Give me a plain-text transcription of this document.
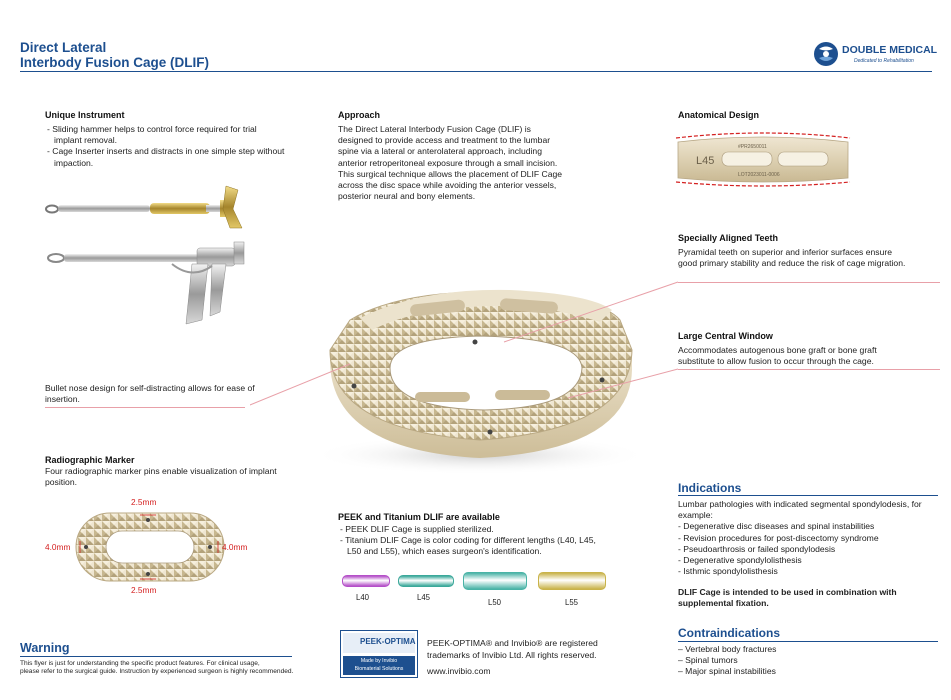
Direct Lateral
Interbody Fusion Cage (DLIF)
DOUBLE MEDICAL
Dedicated to Rehabilitation
Unique Instrument
- Sliding hammer helps to control force required for trial implant removal.
- Cage Inserter inserts and distracts in one simple step without impaction.
Approach
The Direct Lateral Interbody Fusion Cage (DLIF) is designed to provide access and treatment to the lumbar spine via a lateral or anterolateral approach, including anterior retroperitoneal exposure through a small incision. This surgical technique allows the placement of DLIF Cage across the disc space while avoiding the anterior vessels, posterior neural and bony elements.
Anatomical Design
L45
#PR2650011
LOT2023011-0006
Specially Aligned Teeth
Pyramidal teeth on superior and inferior surfaces ensure good primary stability and reduce the risk of cage migration.
Large Central Window
Accommodates autogenous bone graft or bone graft substitute to allow fusion to occur through the cage.
Bullet nose design for self-distracting allows for ease of insertion.
Radiographic Marker
Four radiographic marker pins enable visualization of implant position.
2.5mm
2.5mm
4.0mm	4.0mm
PEEK and Titanium DLIF are available
- PEEK DLIF Cage is supplied sterilized.
- Titanium DLIF Cage is color coding for different lengths (L40, L45, L50 and L55), which eases surgeon's identification.
L40	L45
L50	L55
Indications
Lumbar pathologies with indicated segmental spondylodesis, for example:
- Degenerative disc diseases and spinal instabilities
- Revision procedures for post-discectomy syndrome
- Pseudoarthrosis or failed spondylodesis
- Degenerative spondylolisthesis
- Isthmic spondylolisthesis
DLIF Cage is intended to be used in combination with supplemental fixation.
Contraindications
– Vertebral body fractures
– Spinal tumors
– Major spinal instabilities
PEEK-OPTIMA
Made by Invibio
Biomaterial Solutions
PEEK-OPTIMA® and Invibio® are registered
trademarks of Invibio Ltd. All rights reserved.
www.invibio.com
Warning
This flyer is just for understanding the specific product features. For clinical usage,
please refer to the surgical guide. Instruction by experienced surgeon is highly recommended.
